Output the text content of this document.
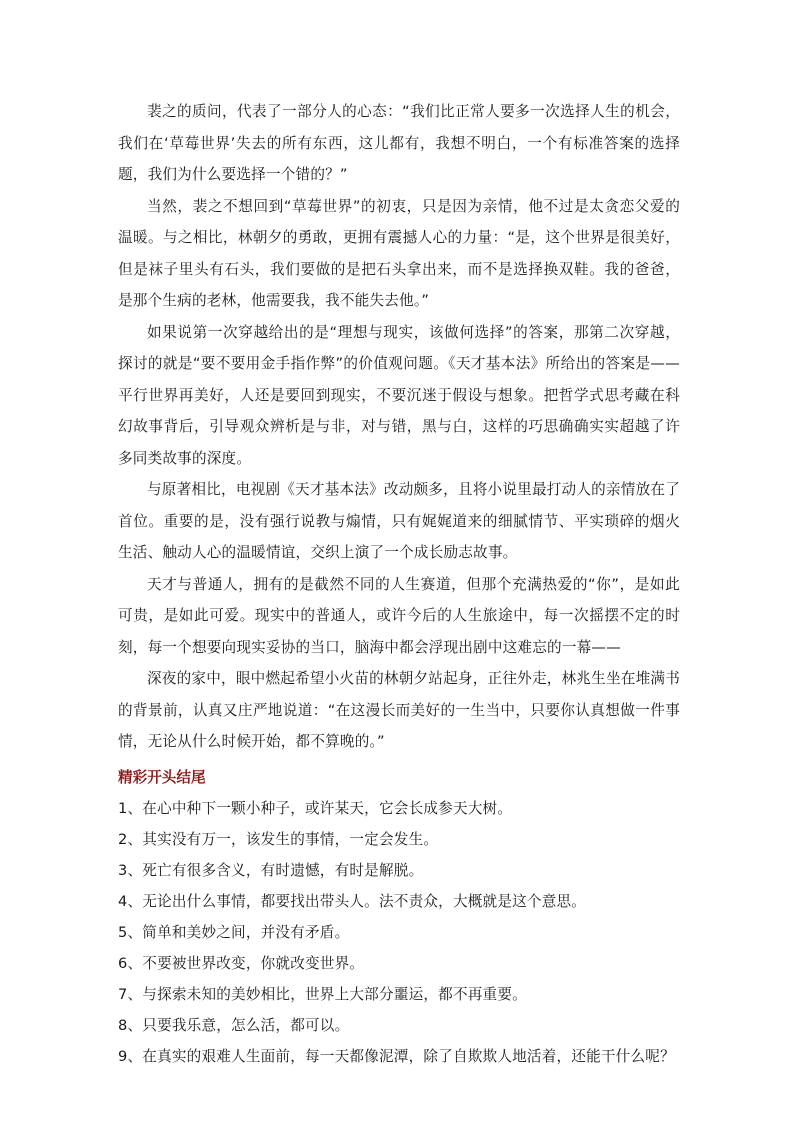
裴之的质问，代表了一部分人的心态：“我们比正常人要多一次选择人生的机会，我们在‘草莓世界’失去的所有东西，这儿都有，我想不明白，一个有标准答案的选择题，我们为什么要选择一个错的？”

当然，裴之不想回到“草莓世界”的初衷，只是因为亲情，他不过是太贪恋父爱的温暖。与之相比，林朝夕的勇敢，更拥有震撼人心的力量：“是，这个世界是很美好，但是袜子里头有石头，我们要做的是把石头拿出来，而不是选择换双鞋。我的爸爸，是那个生病的老林，他需要我，我不能失去他。”

如果说第一次穿越给出的是“理想与现实，该做何选择”的答案，那第二次穿越，探讨的就是“要不要用金手指作弊”的价值观问题。《天才基本法》所给出的答案是——平行世界再美好，人还是要回到现实，不要沉迷于假设与想象。把哲学式思考藏在科幻故事背后，引导观众辨析是与非，对与错，黑与白，这样的巧思确确实实超越了许多同类故事的深度。

与原著相比，电视剧《天才基本法》改动颇多，且将小说里最打动人的亲情放在了首位。重要的是，没有强行说教与煽情，只有娓娓道来的细腻情节、平实琐碎的烟火生活、触动人心的温暖情谊，交织上演了一个成长励志故事。

天才与普通人，拥有的是截然不同的人生赛道，但那个充满热爱的“你”，是如此可贵，是如此可爱。现实中的普通人，或许今后的人生旅途中，每一次摇摆不定的时刻，每一个想要向现实妥协的当口，脑海中都会浮现出剧中这难忘的一幕——

深夜的家中，眼中燃起希望小火苗的林朝夕站起身，正往外走，林兆生坐在堆满书的背景前，认真又庄严地说道：“在这漫长而美好的一生当中，只要你认真想做一件事情，无论从什么时候开始，都不算晚的。”

精彩开头结尾
1、在心中种下一颗小种子，或许某天，它会长成参天大树。
2、其实没有万一，该发生的事情，一定会发生。
3、死亡有很多含义，有时遗憾，有时是解脱。
4、无论出什么事情，都要找出带头人。法不责众，大概就是这个意思。
5、简单和美妙之间，并没有矛盾。
6、不要被世界改变，你就改变世界。
7、与探索未知的美妙相比，世界上大部分噩运，都不再重要。
8、只要我乐意，怎么活，都可以。
9、在真实的艰难人生面前，每一天都像泥潭，除了自欺欺人地活着，还能干什么呢？
